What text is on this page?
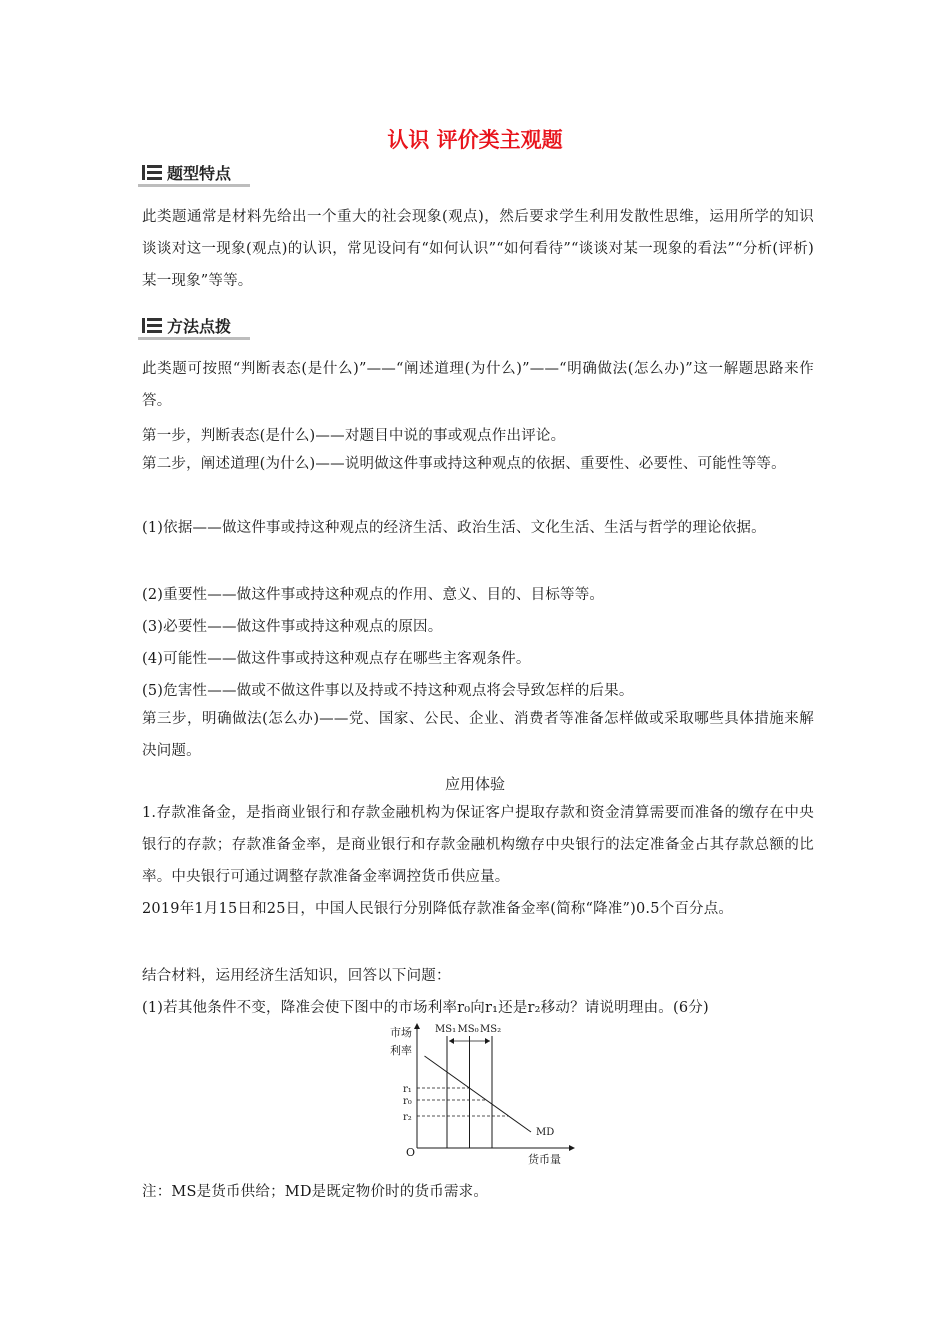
认识 评价类主观题
题型特点
此类题通常是材料先给出一个重大的社会现象(观点)，然后要求学生利用发散性思维，运用所学的知识谈谈对这一现象(观点)的认识，常见设问有“如何认识”“如何看待”“谈谈对某一现象的看法”“分析(评析)某一现象”等等。
方法点拨
此类题可按照“判断表态(是什么)”——“阐述道理(为什么)”——“明确做法(怎么办)”这一解题思路来作答。
第一步，判断表态(是什么)——对题目中说的事或观点作出评论。
第二步，阐述道理(为什么)——说明做这件事或持这种观点的依据、重要性、必要性、可能性等等。
(1)依据——做这件事或持这种观点的经济生活、政治生活、文化生活、生活与哲学的理论依据。
(2)重要性——做这件事或持这种观点的作用、意义、目的、目标等等。
(3)必要性——做这件事或持这种观点的原因。
(4)可能性——做这件事或持这种观点存在哪些主客观条件。
(5)危害性——做或不做这件事以及持或不持这种观点将会导致怎样的后果。
第三步，明确做法(怎么办)——党、国家、公民、企业、消费者等准备怎样做或采取哪些具体措施来解决问题。
应用体验
1.存款准备金，是指商业银行和存款金融机构为保证客户提取存款和资金清算需要而准备的缴存在中央银行的存款；存款准备金率，是商业银行和存款金融机构缴存中央银行的法定准备金占其存款总额的比率。中央银行可通过调整存款准备金率调控货币供应量。
2019年1月15日和25日，中国人民银行分别降低存款准备金率(简称“降准”)0.5个百分点。
结合材料，运用经济生活知识，回答以下问题：
(1)若其他条件不变，降准会使下图中的市场利率r₀向r₁还是r₂移动？请说明理由。(6分)
市场
利率
货币量
O
MS₁ MS₀ MS₂
MD
r₁
r₀
r₂
注：MS是货币供给；MD是既定物价时的货币需求。
